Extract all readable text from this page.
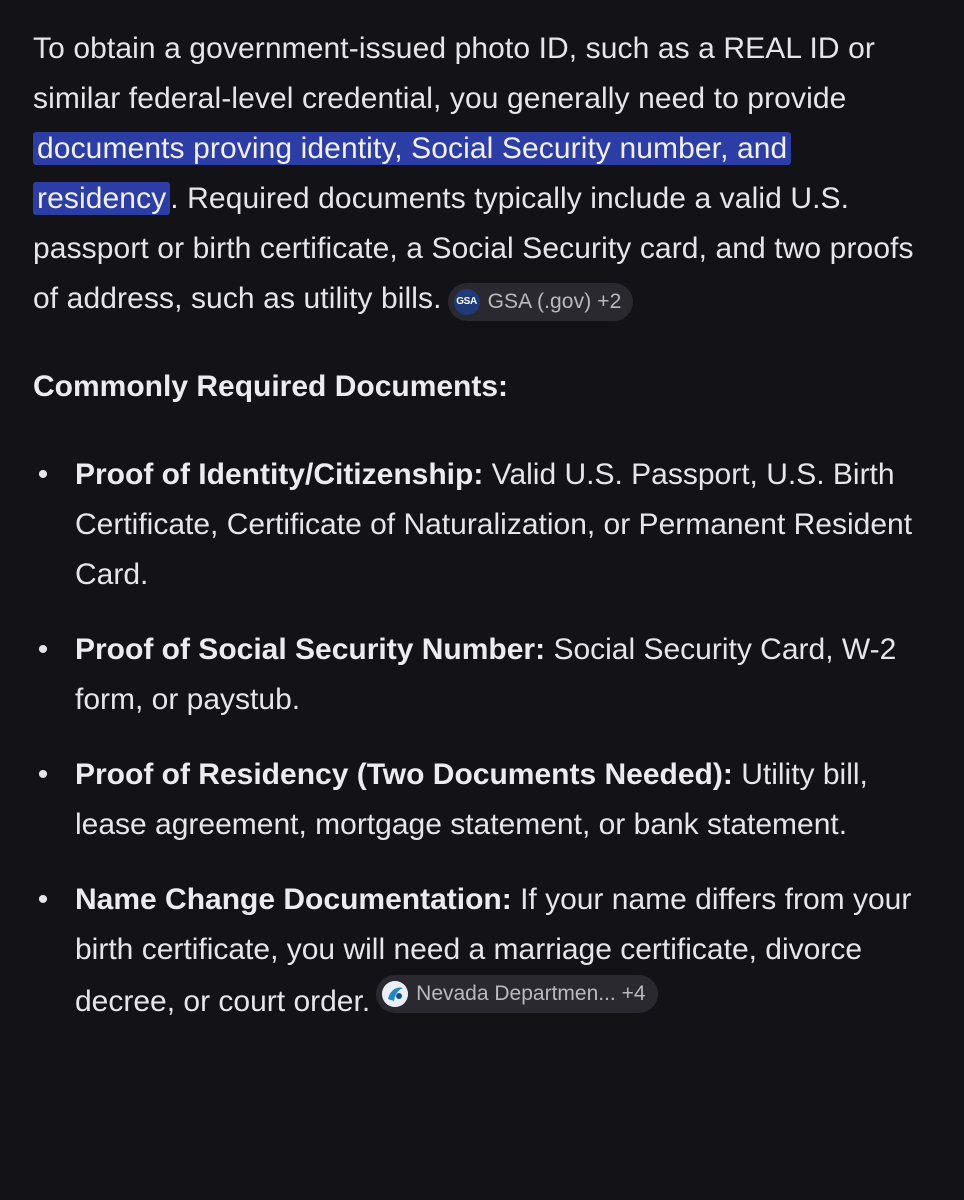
To obtain a government-issued photo ID, such as a REAL ID or similar federal-level credential, you generally need to provide documents proving identity, Social Security number, and residency . Required documents typically include a valid U.S. passport or birth certificate, a Social Security card, and two proofs of address, such as utility bills. GSA GSA (.gov) +2

Commonly Required Documents:
• Proof of Identity/Citizenship: Valid U.S. Passport, U.S. Birth Certificate, Certificate of Naturalization, or Permanent Resident Card.
• Proof of Social Security Number: Social Security Card, W-2 form, or paystub.
• Proof of Residency (Two Documents Needed): Utility bill, lease agreement, mortgage statement, or bank statement.
• Name Change Documentation: If your name differs from your birth certificate, you will need a marriage certificate, divorce decree, or court order. Nevada Departmen... +4
